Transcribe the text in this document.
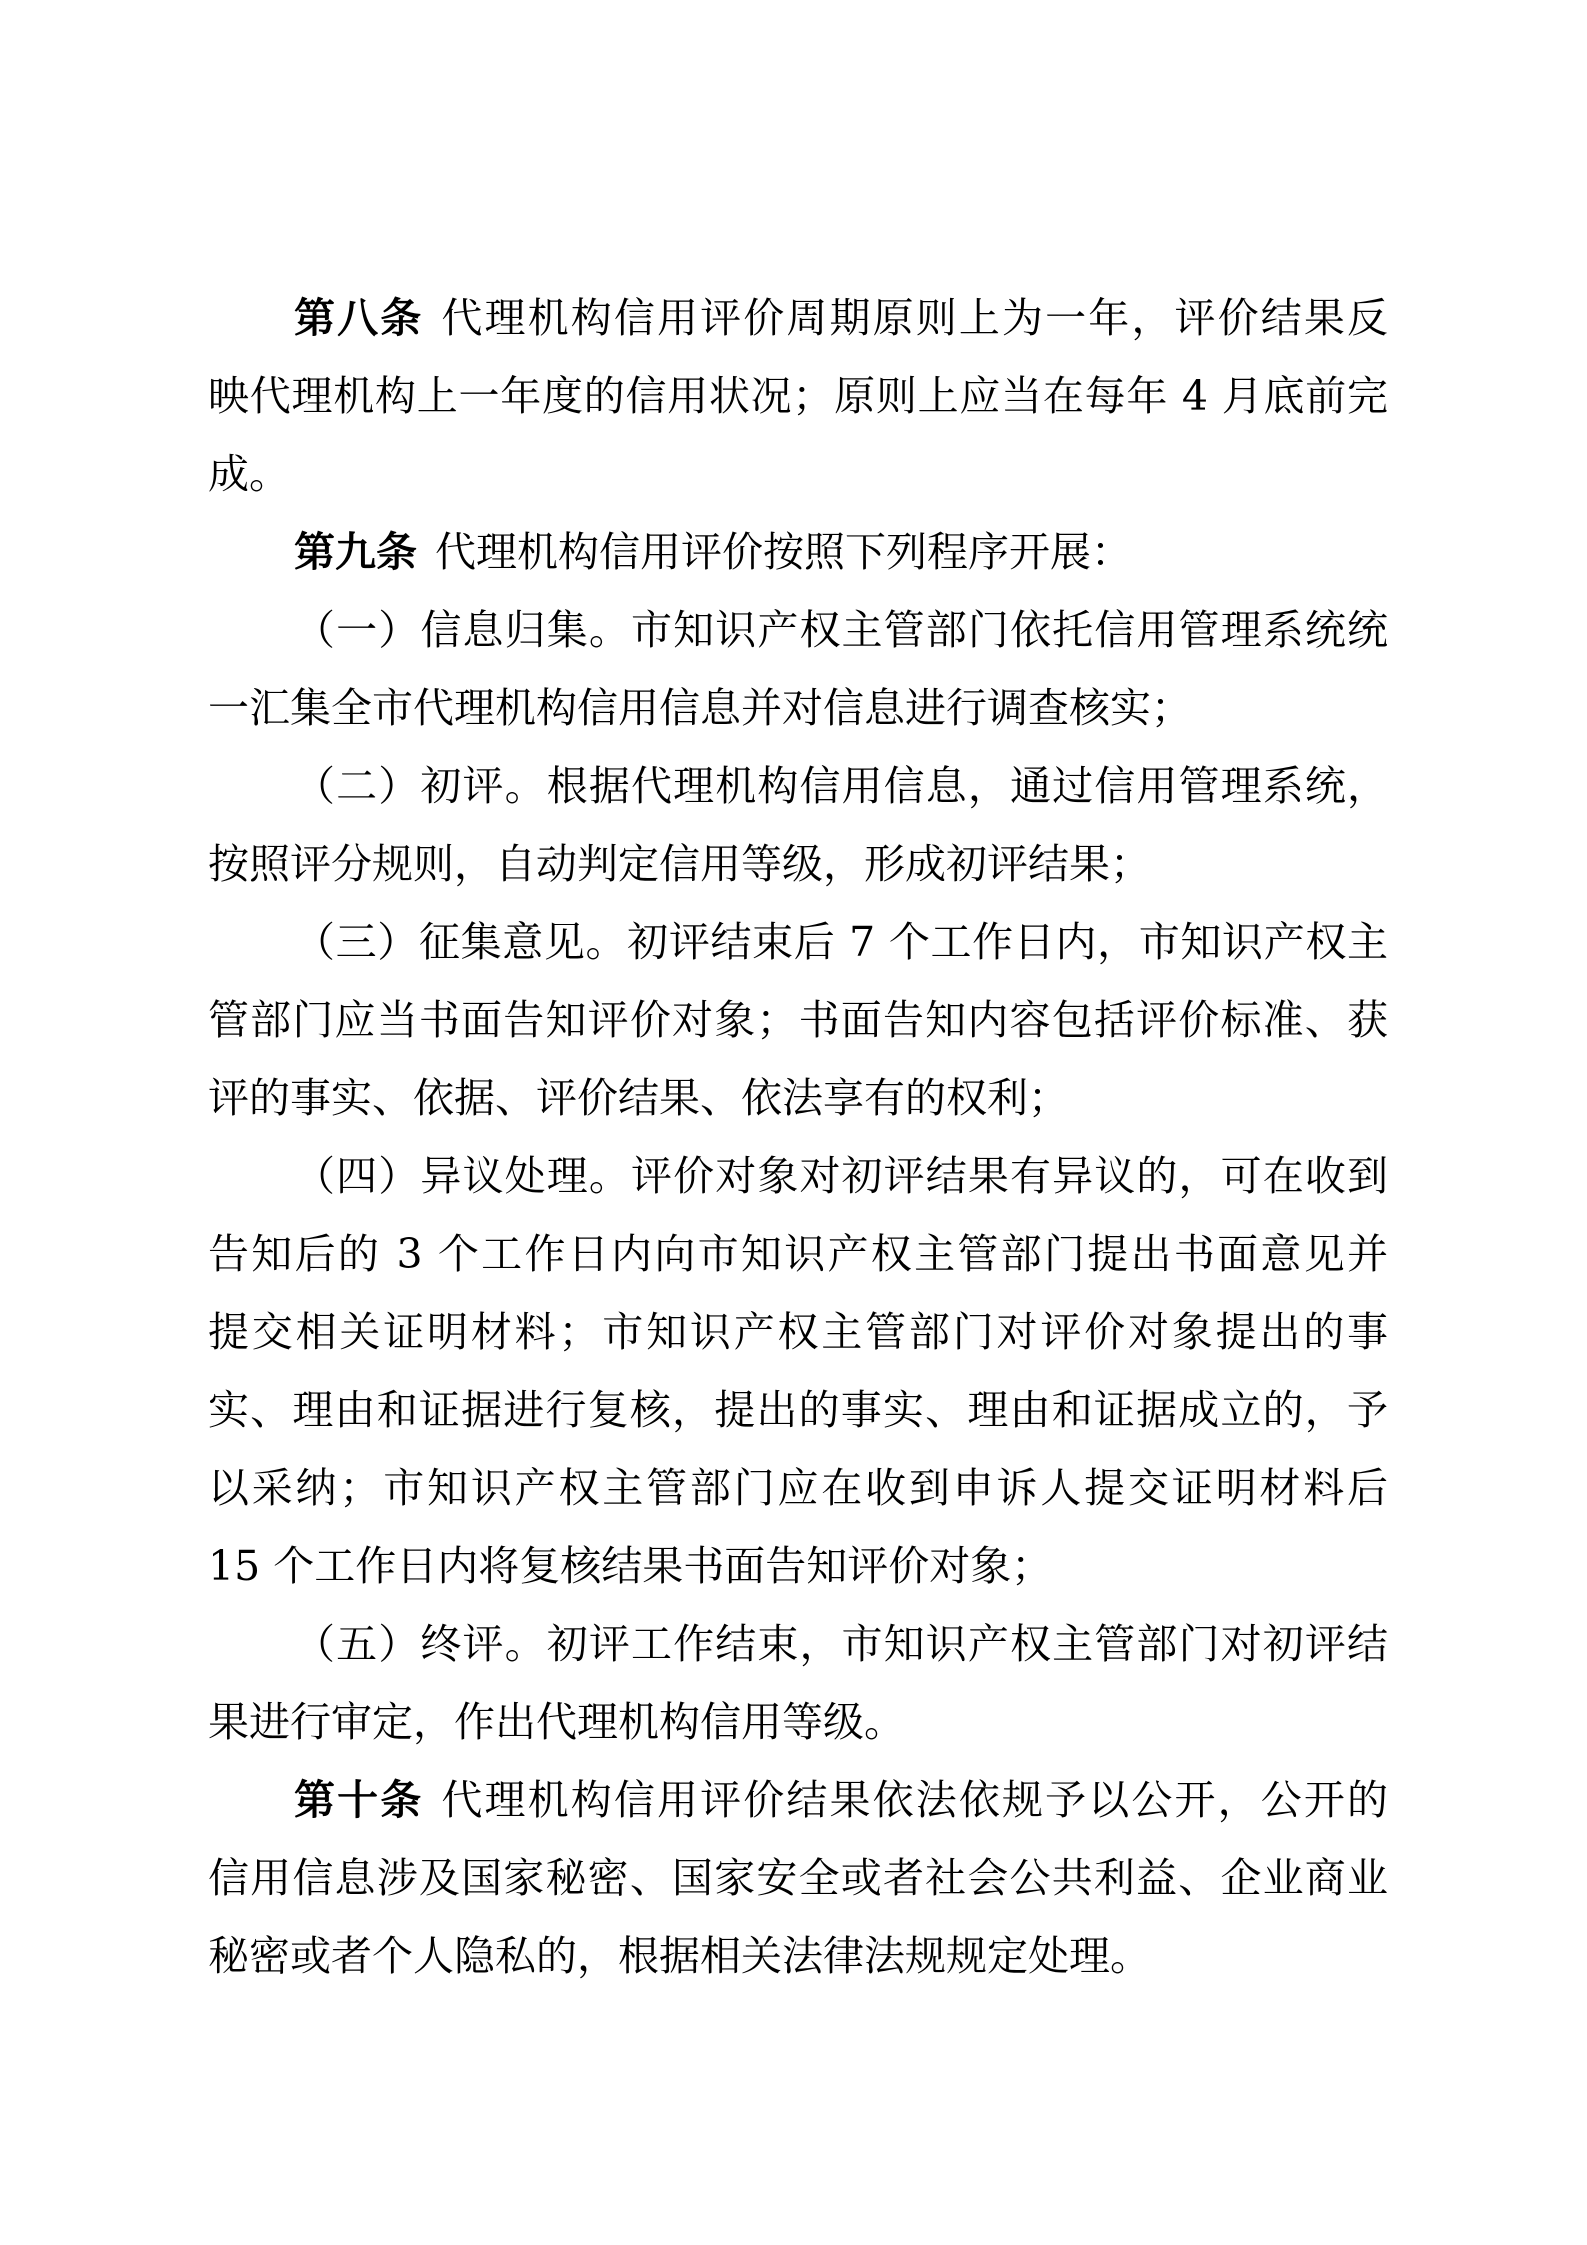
第八条 代理机构信用评价周期原则上为一年，评价结果反
映代理机构上一年度的信用状况；原则上应当在每年 4 月底前完
成。
第九条 代理机构信用评价按照下列程序开展：
（一）信息归集。市知识产权主管部门依托信用管理系统统
一汇集全市代理机构信用信息并对信息进行调查核实；
（二）初评。根据代理机构信用信息，通过信用管理系统，
按照评分规则，自动判定信用等级，形成初评结果；
（三）征集意见。初评结束后 7 个工作日内，市知识产权主
管部门应当书面告知评价对象；书面告知内容包括评价标准、获
评的事实、依据、评价结果、依法享有的权利；
（四）异议处理。评价对象对初评结果有异议的，可在收到
告知后的 3 个工作日内向市知识产权主管部门提出书面意见并
提交相关证明材料；市知识产权主管部门对评价对象提出的事
实、理由和证据进行复核，提出的事实、理由和证据成立的，予
以采纳；市知识产权主管部门应在收到申诉人提交证明材料后
15 个工作日内将复核结果书面告知评价对象；
（五）终评。初评工作结束，市知识产权主管部门对初评结
果进行审定，作出代理机构信用等级。
第十条 代理机构信用评价结果依法依规予以公开，公开的
信用信息涉及国家秘密、国家安全或者社会公共利益、企业商业
秘密或者个人隐私的，根据相关法律法规规定处理。
